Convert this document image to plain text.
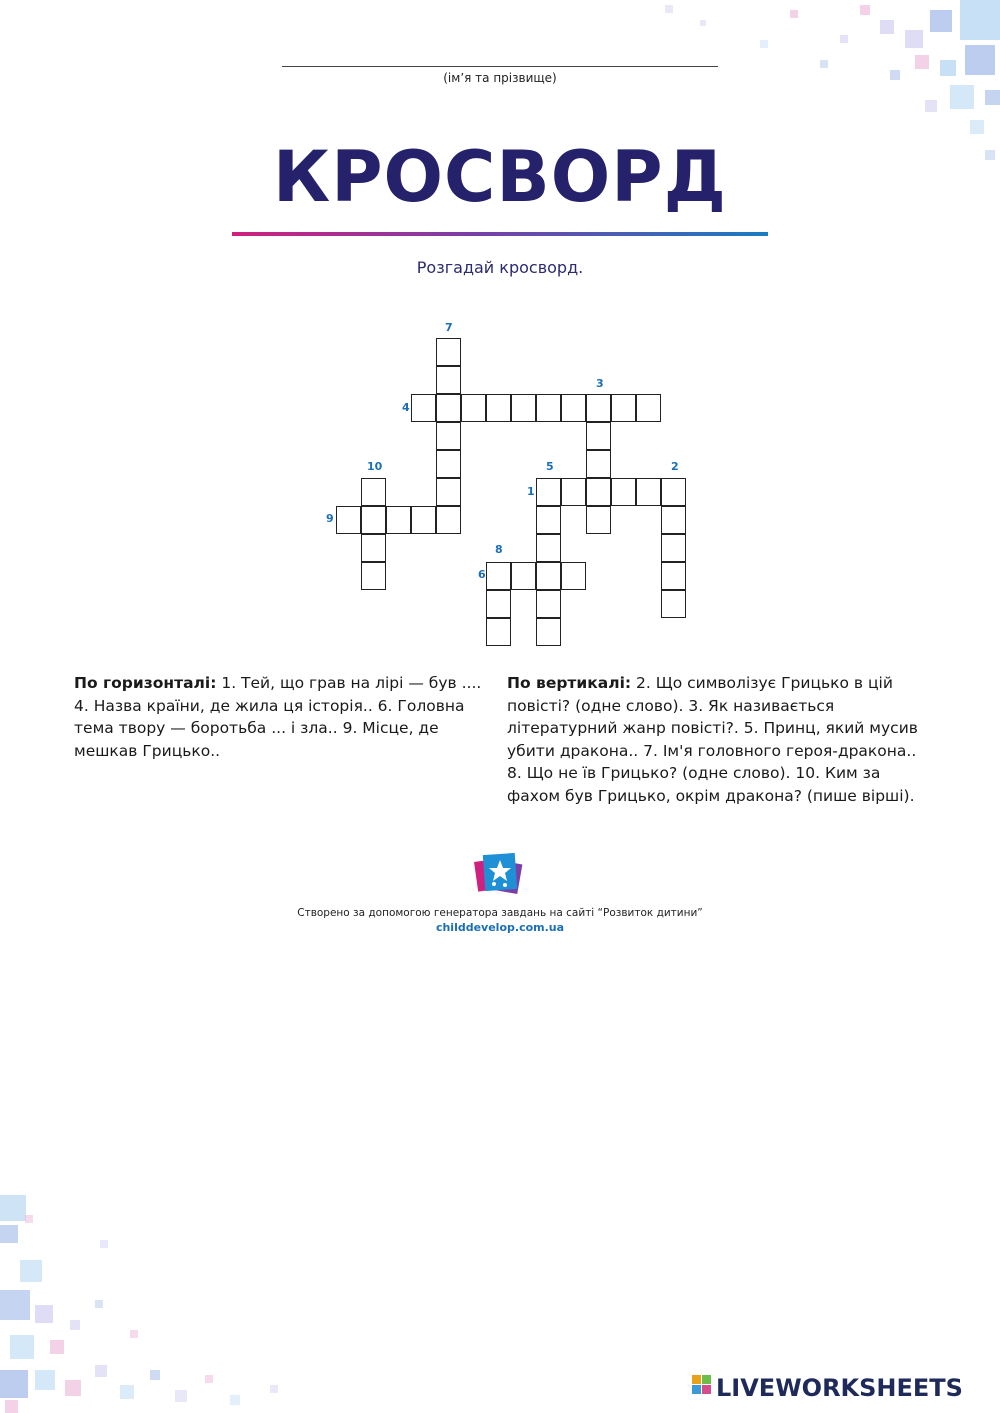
(ім’я та прізвище)
КРОСВОРД
Розгадай кросворд.
7
3
4
10	5	2
1
9
8
6
По горизонталі: 1. Тей, що грав на лірі — був .... 4. Назва країни, де жила ця історія.. 6. Головна тема твору — боротьба ... і зла.. 9. Місце, де мешкав Грицько..
По вертикалі: 2. Що символізує Грицько в цій повісті? (одне слово). 3. Як називається літературний жанр повісті?. 5. Принц, який мусив убити дракона.. 7. Ім'я головного героя-дракона.. 8. Що не їв Грицько? (одне слово). 10. Ким за фахом був Грицько, окрім дракона? (пише вірші).
Створено за допомогою генератора завдань на сайті “Розвиток дитини”
childdevelop.com.ua
LIVEWORKSHEETS
